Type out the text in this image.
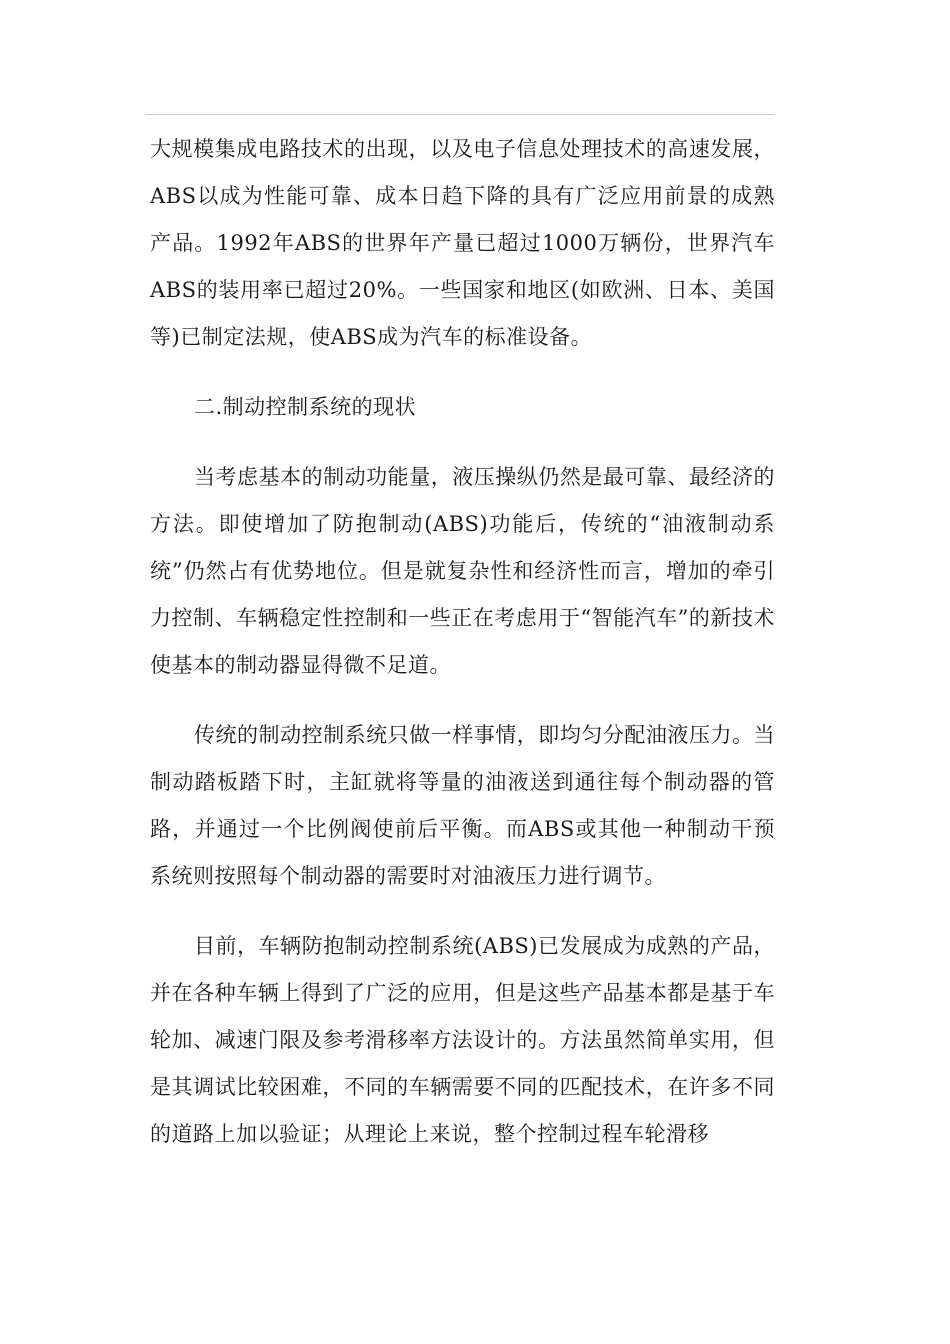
大规模集成电路技术的出现，以及电子信息处理技术的高速发展，ABS以成为性能可靠、成本日趋下降的具有广泛应用前景的成熟产品。1992年ABS的世界年产量已超过1000万辆份，世界汽车ABS的装用率已超过20%。一些国家和地区(如欧洲、日本、美国等)已制定法规，使ABS成为汽车的标准设备。

二.制动控制系统的现状

当考虑基本的制动功能量，液压操纵仍然是最可靠、最经济的方法。即使增加了防抱制动(ABS)功能后，传统的“油液制动系统”仍然占有优势地位。但是就复杂性和经济性而言，增加的牵引力控制、车辆稳定性控制和一些正在考虑用于“智能汽车”的新技术使基本的制动器显得微不足道。

传统的制动控制系统只做一样事情，即均匀分配油液压力。当制动踏板踏下时，主缸就将等量的油液送到通往每个制动器的管路，并通过一个比例阀使前后平衡。而ABS或其他一种制动干预系统则按照每个制动器的需要时对油液压力进行调节。

目前，车辆防抱制动控制系统(ABS)已发展成为成熟的产品，并在各种车辆上得到了广泛的应用，但是这些产品基本都是基于车轮加、减速门限及参考滑移率方法设计的。方法虽然简单实用，但是其调试比较困难，不同的车辆需要不同的匹配技术，在许多不同的道路上加以验证；从理论上来说，整个控制过程车轮滑移
